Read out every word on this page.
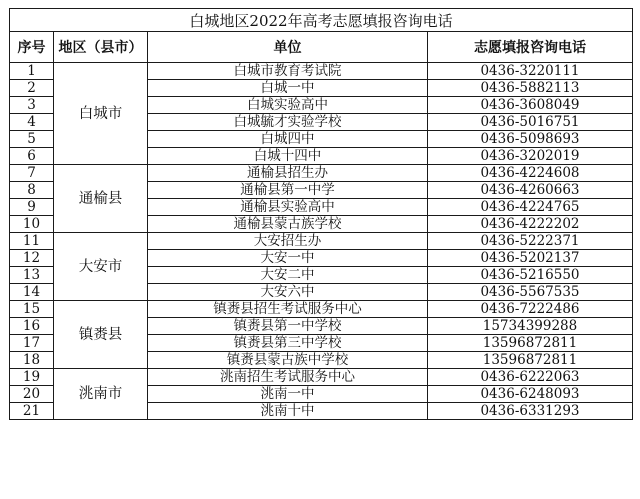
白城地区2022年高考志愿填报咨询电话			
序号	地区（县市）	单位	志愿填报咨询电话
1	白城市	白城市教育考试院	0436-3220111
2		白城一中	0436-5882113
3		白城实验高中	0436-3608049
4		白城毓才实验学校	0436-5016751
5		白城四中	0436-5098693
6		白城十四中	0436-3202019
7	通榆县	通榆县招生办	0436-4224608
8		通榆县第一中学	0436-4260663
9		通榆县实验高中	0436-4224765
10		通榆县蒙古族学校	0436-4222202
11	大安市	大安招生办	0436-5222371
12		大安一中	0436-5202137
13		大安二中	0436-5216550
14		大安六中	0436-5567535
15	镇赉县	镇赉县招生考试服务中心	0436-7222486
16		镇赉县第一中学校	15734399288
17		镇赉县第三中学校	13596872811
18		镇赉县蒙古族中学校	13596872811
19	洮南市	洮南招生考试服务中心	0436-6222063
20		洮南一中	0436-6248093
21		洮南十中	0436-6331293
